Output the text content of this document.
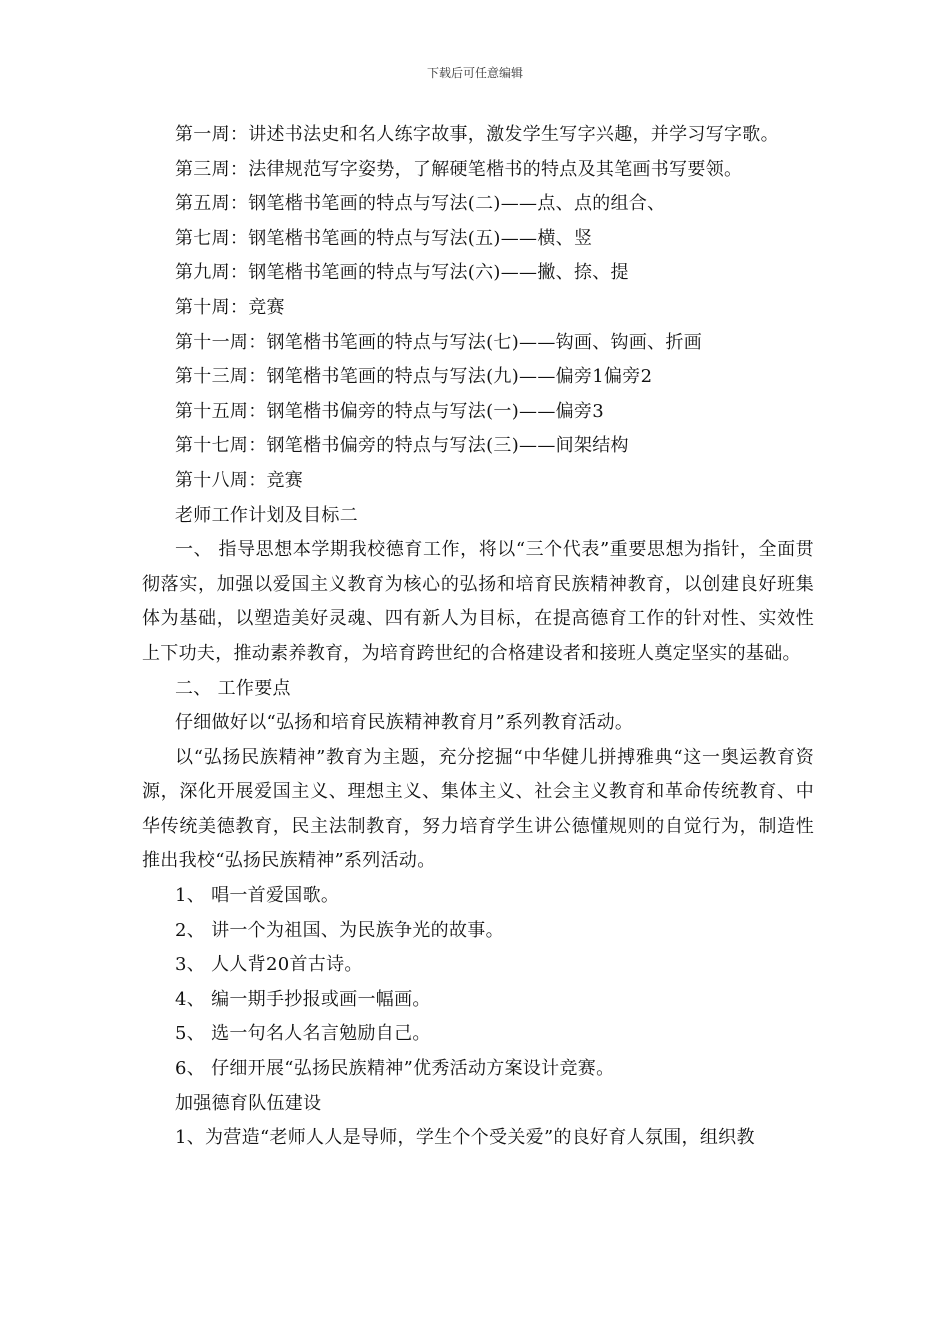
下载后可任意编辑
第一周：讲述书法史和名人练字故事，激发学生写字兴趣，并学习写字歌。
第三周：法律规范写字姿势，了解硬笔楷书的特点及其笔画书写要领。
第五周：钢笔楷书笔画的特点与写法(二)——点、点的组合、
第七周：钢笔楷书笔画的特点与写法(五)——横、竖
第九周：钢笔楷书笔画的特点与写法(六)——撇、捺、提
第十周：竞赛
第十一周：钢笔楷书笔画的特点与写法(七)——钩画、钩画、折画
第十三周：钢笔楷书笔画的特点与写法(九)——偏旁1偏旁2
第十五周：钢笔楷书偏旁的特点与写法(一)——偏旁3
第十七周：钢笔楷书偏旁的特点与写法(三)——间架结构
第十八周：竞赛
老师工作计划及目标二

一、 指导思想本学期我校德育工作，将以“三个代表”重要思想为指针，全面贯彻落实，加强以爱国主义教育为核心的弘扬和培育民族精神教育，以创建良好班集体为基础，以塑造美好灵魂、四有新人为目标，在提高德育工作的针对性、实效性上下功夫，推动素养教育，为培育跨世纪的合格建设者和接班人奠定坚实的基础。

二、 工作要点
仔细做好以“弘扬和培育民族精神教育月”系列教育活动。

以“弘扬民族精神”教育为主题，充分挖掘“中华健儿拼搏雅典“这一奥运教育资源，深化开展爱国主义、理想主义、集体主义、社会主义教育和革命传统教育、中华传统美德教育，民主法制教育，努力培育学生讲公德懂规则的自觉行为，制造性推出我校“弘扬民族精神”系列活动。

1、 唱一首爱国歌。
2、 讲一个为祖国、为民族争光的故事。
3、 人人背20首古诗。
4、 编一期手抄报或画一幅画。
5、 选一句名人名言勉励自己。
6、 仔细开展“弘扬民族精神”优秀活动方案设计竞赛。
加强德育队伍建设
1、为营造“老师人人是导师，学生个个受关爱”的良好育人氛围，组织教
